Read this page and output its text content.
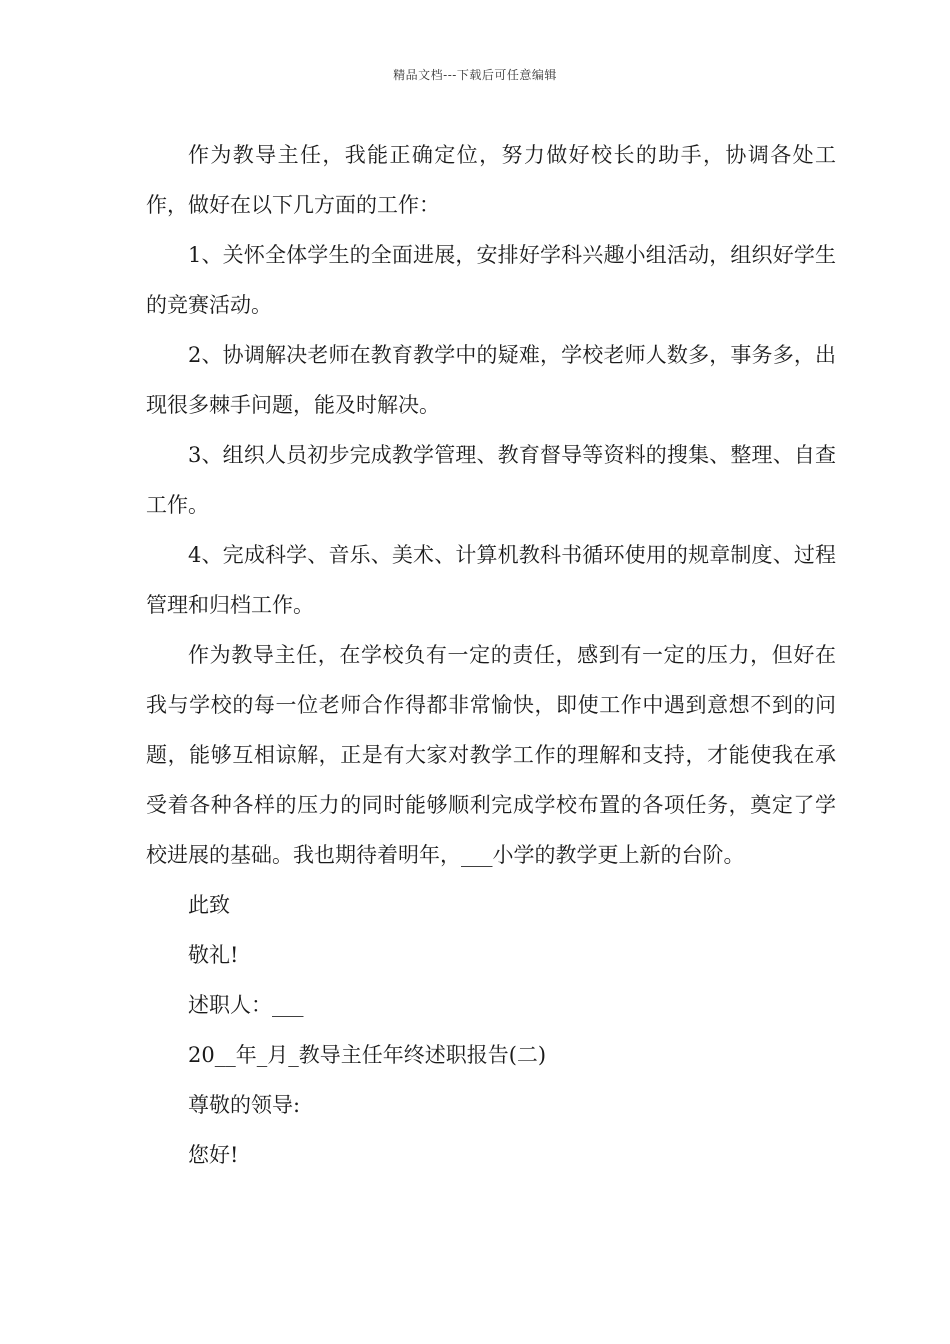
精品文档---下载后可任意编辑

作为教导主任，我能正确定位，努力做好校长的助手，协调各处工作，做好在以下几方面的工作：

1、关怀全体学生的全面进展，安排好学科兴趣小组活动，组织好学生的竞赛活动。

2、协调解决老师在教育教学中的疑难，学校老师人数多，事务多，出现很多棘手问题，能及时解决。

3、组织人员初步完成教学管理、教育督导等资料的搜集、整理、自查工作。

4、完成科学、音乐、美术、计算机教科书循环使用的规章制度、过程管理和归档工作。

作为教导主任，在学校负有一定的责任，感到有一定的压力，但好在我与学校的每一位老师合作得都非常愉快，即使工作中遇到意想不到的问题，能够互相谅解，正是有大家对教学工作的理解和支持，才能使我在承受着各种各样的压力的同时能够顺利完成学校布置的各项任务，奠定了学校进展的基础。我也期待着明年，___小学的教学更上新的台阶。

此致

敬礼!

述职人：___

20__年_月_教导主任年终述职报告(二)

尊敬的领导:

您好!
